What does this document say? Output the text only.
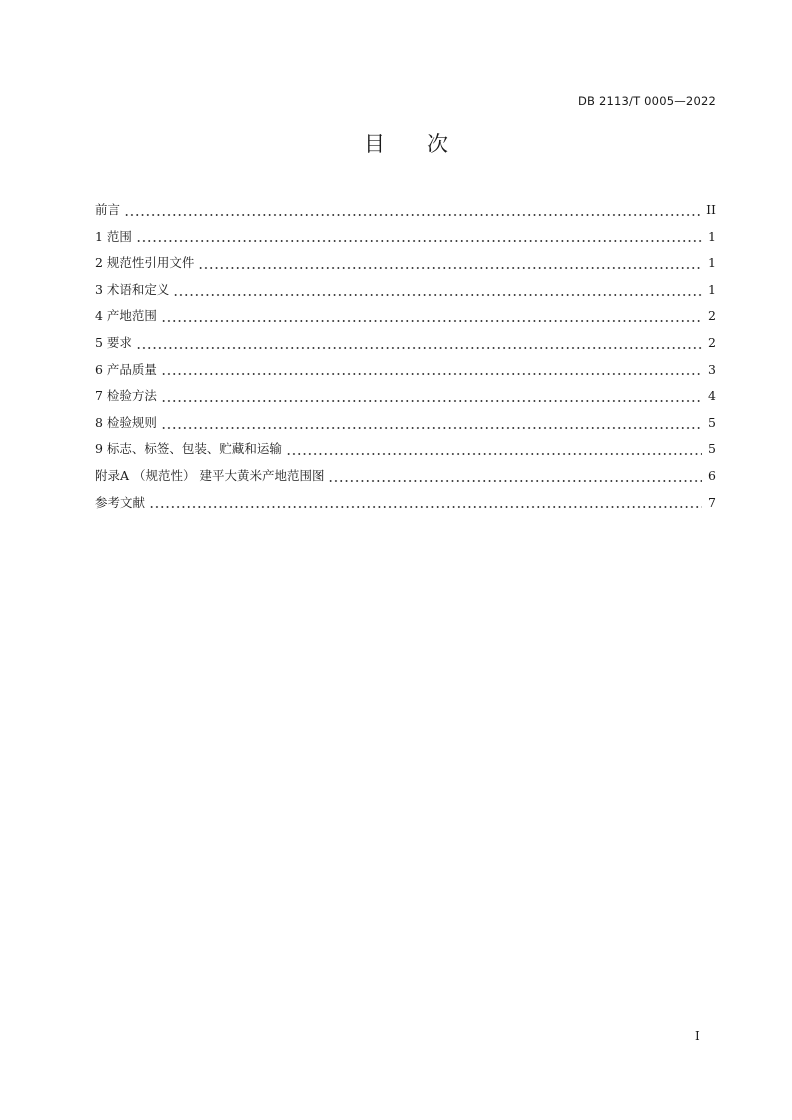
DB 2113/T 0005—2022
目　　次
前言	II
1 范围	1
2 规范性引用文件	1
3 术语和定义	1
4 产地范围	2
5 要求	2
6 产品质量	3
7 检验方法	4
8 检验规则	5
9 标志、标签、包装、贮藏和运输	5
附录A （规范性） 建平大黄米产地范围图	6
参考文献	7
I
